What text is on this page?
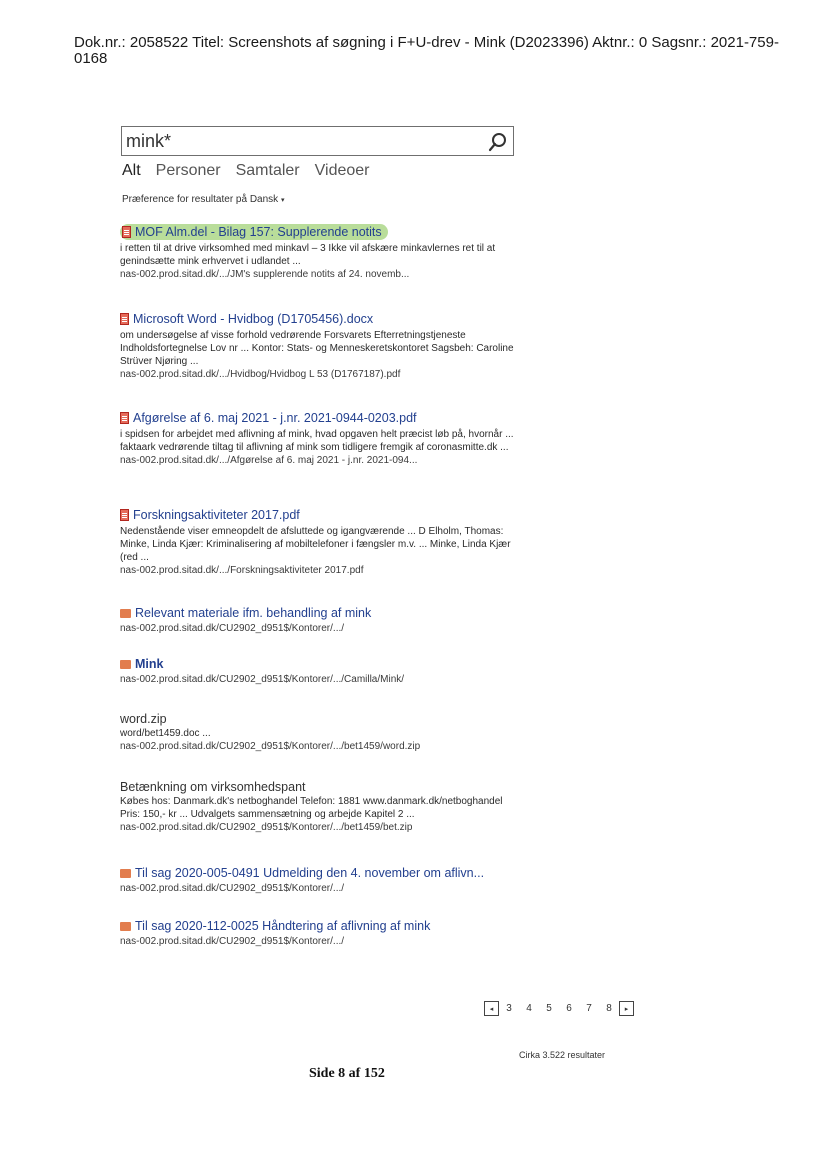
Dok.nr.: 2058522 Titel: Screenshots af søgning i F+U-drev - Mink (D2023396) Aktnr.: 0 Sagsnr.: 2021-759-0168
mink*
Alt Personer Samtaler Videoer
Præference for resultater på Dansk ▾
MOF Alm.del - Bilag 157: Supplerende notits
i retten til at drive virksomhed med minkavl – 3 Ikke vil afskære minkavlernes ret til at genindsætte mink erhvervet i udlandet ...
nas-002.prod.sitad.dk/.../JM's supplerende notits af 24. novemb...
Microsoft Word - Hvidbog (D1705456).docx
om undersøgelse af visse forhold vedrørende Forsvarets Efterretningstjeneste Indholdsfortegnelse Lov nr ... Kontor: Stats- og Menneskeretskontoret Sagsbeh: Caroline Strüver Njøring ...
nas-002.prod.sitad.dk/.../Hvidbog/Hvidbog L 53 (D1767187).pdf
Afgørelse af 6. maj 2021 - j.nr. 2021-0944-0203.pdf
i spidsen for arbejdet med aflivning af mink, hvad opgaven helt præcist løb på, hvornår ... faktaark vedrørende tiltag til aflivning af mink som tidligere fremgik af coronasmitte.dk ...
nas-002.prod.sitad.dk/.../Afgørelse af 6. maj 2021 - j.nr. 2021-094...
Forskningsaktiviteter 2017.pdf
Nedenstående viser emneopdelt de afsluttede og igangværende ... D Elholm, Thomas: Minke, Linda Kjær: Kriminalisering af mobiltelefoner i fængsler m.v. ... Minke, Linda Kjær (red ...
nas-002.prod.sitad.dk/.../Forskningsaktiviteter 2017.pdf
Relevant materiale ifm. behandling af mink
nas-002.prod.sitad.dk/CU2902_d951$/Kontorer/.../
Mink
nas-002.prod.sitad.dk/CU2902_d951$/Kontorer/.../Camilla/Mink/
word.zip
word/bet1459.doc ...
nas-002.prod.sitad.dk/CU2902_d951$/Kontorer/.../bet1459/word.zip
Betænkning om virksomhedspant
Købes hos: Danmark.dk's netboghandel Telefon: 1881 www.danmark.dk/netboghandel Pris: 150,- kr ... Udvalgets sammensætning og arbejde Kapitel 2 ...
nas-002.prod.sitad.dk/CU2902_d951$/Kontorer/.../bet1459/bet.zip
Til sag 2020-005-0491 Udmelding den 4. november om aflivn...
nas-002.prod.sitad.dk/CU2902_d951$/Kontorer/.../
Til sag 2020-112-0025 Håndtering af aflivning af mink
nas-002.prod.sitad.dk/CU2902_d951$/Kontorer/.../
◂	3	4	5	6	7	8	▸
Cirka 3.522 resultater
Side 8 af 152
